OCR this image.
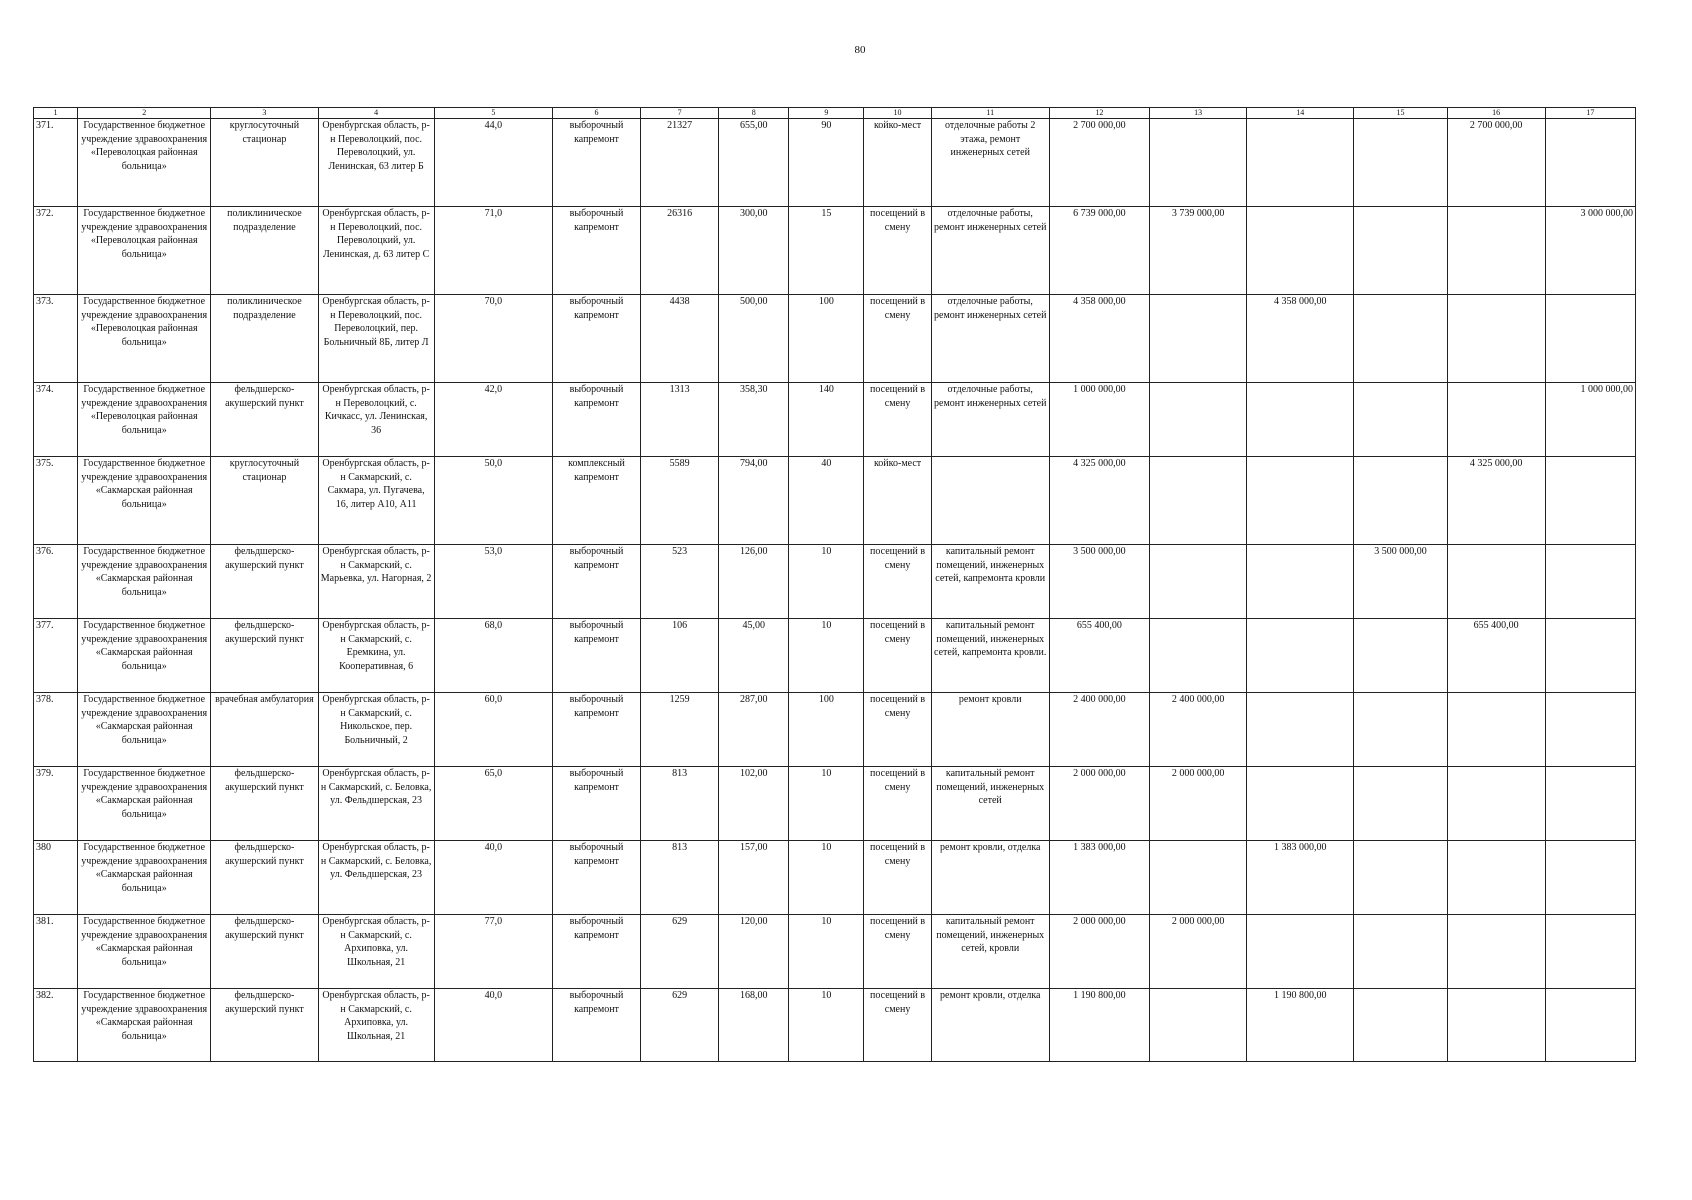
80
1	2	3	4	5	6	7	8	9	10	11	12	13	14	15	16	17
371.	Государственное бюджетное учреждение здравоохранения «Переволоцкая районная больница»	круглосуточный стационар	Оренбургская область, р-н Переволоцкий, пос. Переволоцкий, ул. Ленинская, 63 литер Б	44,0	выборочный капремонт	21327	655,00	90	койко-мест	отделочные работы 2 этажа, ремонт инженерных сетей	2 700 000,00				2 700 000,00	
372.	Государственное бюджетное учреждение здравоохранения «Переволоцкая районная больница»	поликлиническое подразделение	Оренбургская область, р-н Переволоцкий, пос. Переволоцкий, ул. Ленинская, д. 63 литер С	71,0	выборочный капремонт	26316	300,00	15	посещений в смену	отделочные работы, ремонт инженерных сетей	6 739 000,00	3 739 000,00				3 000 000,00
373.	Государственное бюджетное учреждение здравоохранения «Переволоцкая районная больница»	поликлиническое подразделение	Оренбургская область, р-н Переволоцкий, пос. Переволоцкий, пер. Больничный 8Б, литер Л	70,0	выборочный капремонт	4438	500,00	100	посещений в смену	отделочные работы, ремонт инженерных сетей	4 358 000,00		4 358 000,00			
374.	Государственное бюджетное учреждение здравоохранения «Переволоцкая районная больница»	фельдшерско-акушерский пункт	Оренбургская область, р-н Переволоцкий, с. Кичкасс, ул. Ленинская, 36	42,0	выборочный капремонт	1313	358,30	140	посещений в смену	отделочные работы, ремонт инженерных сетей	1 000 000,00					1 000 000,00
375.	Государственное бюджетное учреждение здравоохранения «Сакмарская районная больница»	круглосуточный стационар	Оренбургская область, р-н Сакмарский, с. Сакмара, ул. Пугачева, 16, литер А10, А11	50,0	комплексный капремонт	5589	794,00	40	койко-мест		4 325 000,00				4 325 000,00	
376.	Государственное бюджетное учреждение здравоохранения «Сакмарская районная больница»	фельдшерско-акушерский пункт	Оренбургская область, р-н Сакмарский, с. Марьевка, ул. Нагорная, 2	53,0	выборочный капремонт	523	126,00	10	посещений в смену	капитальный ремонт помещений, инженерных сетей, капремонта кровли	3 500 000,00			3 500 000,00		
377.	Государственное бюджетное учреждение здравоохранения «Сакмарская районная больница»	фельдшерско-акушерский пункт	Оренбургская область, р-н Сакмарский, с. Еремкина, ул. Кооперативная, 6	68,0	выборочный капремонт	106	45,00	10	посещений в смену	капитальный ремонт помещений, инженерных сетей, капремонта кровли.	655 400,00				655 400,00	
378.	Государственное бюджетное учреждение здравоохранения «Сакмарская районная больница»	врачебная амбулатория	Оренбургская область, р-н Сакмарский, с. Никольское, пер. Больничный, 2	60,0	выборочный капремонт	1259	287,00	100	посещений в смену	ремонт кровли	2 400 000,00	2 400 000,00				
379.	Государственное бюджетное учреждение здравоохранения «Сакмарская районная больница»	фельдшерско-акушерский пункт	Оренбургская область, р-н Сакмарский, с. Беловка, ул. Фельдшерская, 23	65,0	выборочный капремонт	813	102,00	10	посещений в смену	капитальный ремонт помещений, инженерных сетей	2 000 000,00	2 000 000,00				
380	Государственное бюджетное учреждение здравоохранения «Сакмарская районная больница»	фельдшерско-акушерский пункт	Оренбургская область, р-н Сакмарский, с. Беловка, ул. Фельдшерская, 23	40,0	выборочный капремонт	813	157,00	10	посещений в смену	ремонт кровли, отделка	1 383 000,00		1 383 000,00			
381.	Государственное бюджетное учреждение здравоохранения «Сакмарская районная больница»	фельдшерско-акушерский пункт	Оренбургская область, р-н Сакмарский, с. Архиповка, ул. Школьная, 21	77,0	выборочный капремонт	629	120,00	10	посещений в смену	капитальный ремонт помещений, инженерных сетей, кровли	2 000 000,00	2 000 000,00				
382.	Государственное бюджетное учреждение здравоохранения «Сакмарская районная больница»	фельдшерско-акушерский пункт	Оренбургская область, р-н Сакмарский, с. Архиповка, ул. Школьная, 21	40,0	выборочный капремонт	629	168,00	10	посещений в смену	ремонт кровли, отделка	1 190 800,00		1 190 800,00			
